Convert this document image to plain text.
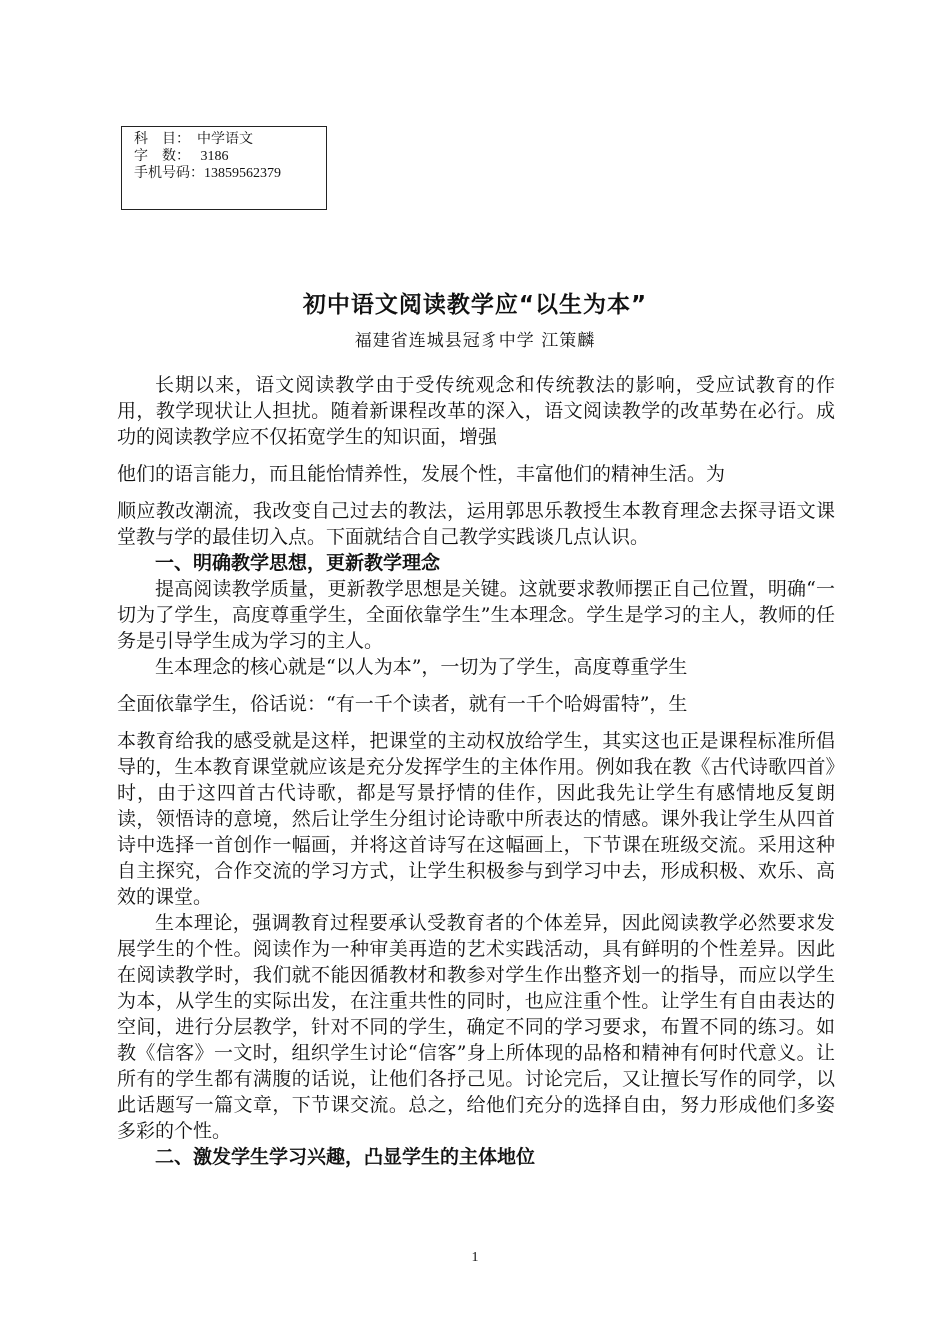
科    目：  中学语文
字    数：   3186
手机号码：13859562379
初中语文阅读教学应“以生为本”
福建省连城县冠豸中学 江策麟

长期以来，语文阅读教学由于受传统观念和传统教法的影响，受应试教育的作用，教学现状让人担扰。随着新课程改革的深入，语文阅读教学的改革势在必行。成功的阅读教学应不仅拓宽学生的知识面，增强

他们的语言能力，而且能怡情养性，发展个性，丰富他们的精神生活。为

顺应教改潮流，我改变自己过去的教法，运用郭思乐教授生本教育理念去探寻语文课堂教与学的最佳切入点。下面就结合自己教学实践谈几点认识。

一、明确教学思想，更新教学理念

提高阅读教学质量，更新教学思想是关键。这就要求教师摆正自己位置，明确“一切为了学生，高度尊重学生，全面依靠学生”生本理念。学生是学习的主人，教师的任务是引导学生成为学习的主人。

生本理念的核心就是“以人为本”，一切为了学生，高度尊重学生

全面依靠学生，俗话说：“有一千个读者，就有一千个哈姆雷特”，生

本教育给我的感受就是这样，把课堂的主动权放给学生，其实这也正是课程标准所倡导的，生本教育课堂就应该是充分发挥学生的主体作用。例如我在教《古代诗歌四首》时，由于这四首古代诗歌，都是写景抒情的佳作，因此我先让学生有感情地反复朗读，领悟诗的意境，然后让学生分组讨论诗歌中所表达的情感。课外我让学生从四首诗中选择一首创作一幅画，并将这首诗写在这幅画上，下节课在班级交流。采用这种自主探究，合作交流的学习方式，让学生积极参与到学习中去，形成积极、欢乐、高效的课堂。

生本理论，强调教育过程要承认受教育者的个体差异，因此阅读教学必然要求发展学生的个性。阅读作为一种审美再造的艺术实践活动，具有鲜明的个性差异。因此在阅读教学时，我们就不能因循教材和教参对学生作出整齐划一的指导，而应以学生为本，从学生的实际出发，在注重共性的同时，也应注重个性。让学生有自由表达的空间，进行分层教学，针对不同的学生，确定不同的学习要求，布置不同的练习。如教《信客》一文时，组织学生讨论“信客”身上所体现的品格和精神有何时代意义。让所有的学生都有满腹的话说，让他们各抒己见。讨论完后，又让擅长写作的同学，以此话题写一篇文章，下节课交流。总之，给他们充分的选择自由，努力形成他们多姿多彩的个性。

二、激发学生学习兴趣，凸显学生的主体地位

1
